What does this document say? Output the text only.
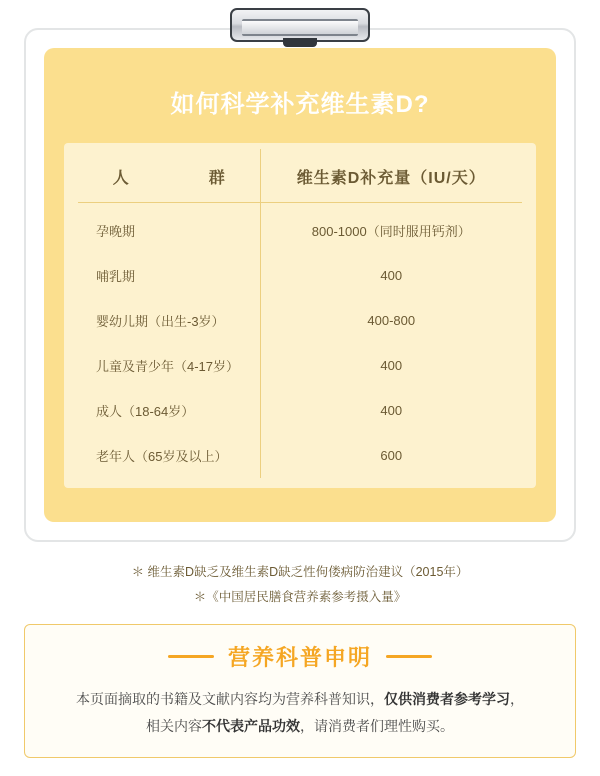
如何科学补充维生素D?
人　　群	维生素D补充量（IU/天）
孕晚期	800-1000（同时服用钙剂）
哺乳期	400
婴幼儿期（出生-3岁）	400-800
儿童及青少年（4-17岁）	400
成人（18-64岁）	400
老年人（65岁及以上）	600
＊ 维生素D缺乏及维生素D缺乏性佝偻病防治建议（2015年）
＊《中国居民膳食营养素参考摄入量》
营养科普申明
本页面摘取的书籍及文献内容均为营养科普知识，仅供消费者参考学习，
相关内容不代表产品功效，请消费者们理性购买。
